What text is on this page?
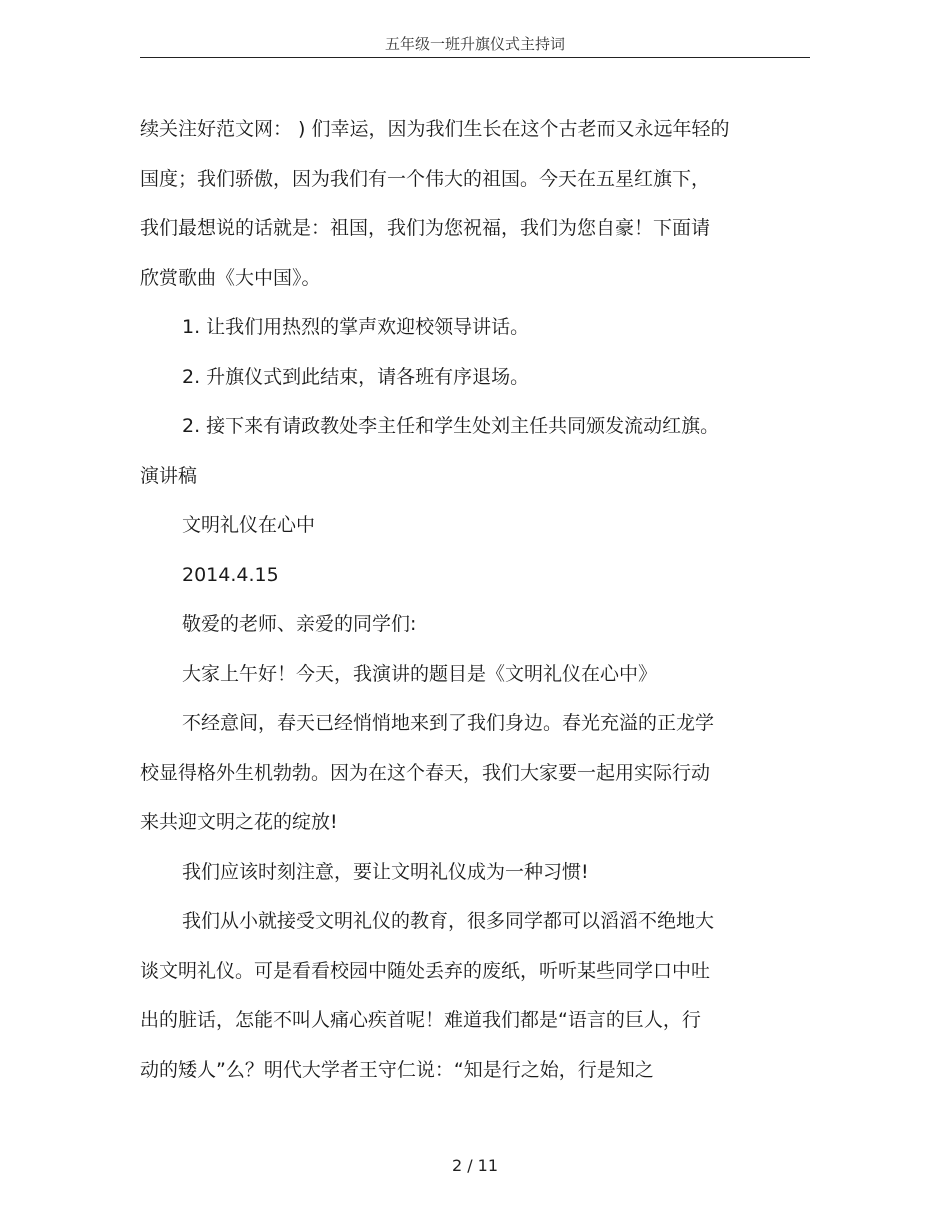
五年级一班升旗仪式主持词
续关注好范文网： ) 们幸运，因为我们生长在这个古老而又永远年轻的
国度；我们骄傲，因为我们有一个伟大的祖国。今天在五星红旗下，
我们最想说的话就是：祖国，我们为您祝福，我们为您自豪！下面请
欣赏歌曲《大中国》。
1. 让我们用热烈的掌声欢迎校领导讲话。
2. 升旗仪式到此结束，请各班有序退场。
2. 接下来有请政教处李主任和学生处刘主任共同颁发流动红旗。
演讲稿
文明礼仪在心中
2014.4.15
敬爱的老师、亲爱的同学们:
大家上午好！今天，我演讲的题目是《文明礼仪在心中》
不经意间，春天已经悄悄地来到了我们身边。春光充溢的正龙学
校显得格外生机勃勃。因为在这个春天，我们大家要一起用实际行动
来共迎文明之花的绽放!
我们应该时刻注意，要让文明礼仪成为一种习惯!
我们从小就接受文明礼仪的教育，很多同学都可以滔滔不绝地大
谈文明礼仪。可是看看校园中随处丢弃的废纸，听听某些同学口中吐
出的脏话，怎能不叫人痛心疾首呢！难道我们都是“语言的巨人，行
动的矮人”么？明代大学者王守仁说：“知是行之始，行是知之
2 / 11
